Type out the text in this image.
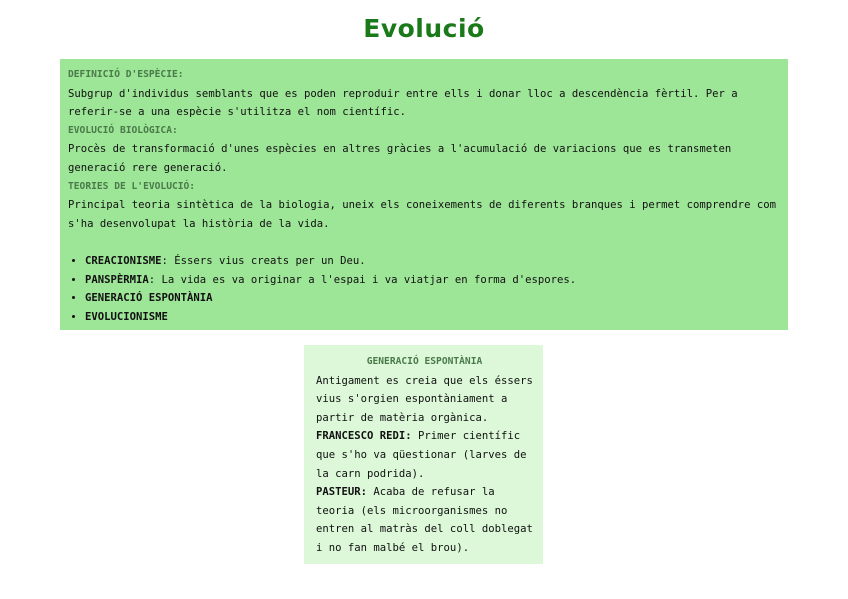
Evolució
DEFINICIÓ D'ESPÈCIE:
Subgrup d'individus semblants que es poden reproduir entre ells i donar lloc a descendència fèrtil. Per a referir-se a una espècie s'utilitza el nom científic.
EVOLUCIÓ BIOLÒGICA:
Procès de transformació d'unes espècies en altres gràcies a l'acumulació de variacions que es transmeten generació rere generació.
TEORIES DE L'EVOLUCIÓ:
Principal teoria sintètica de la biologia, uneix els coneixements de diferents branques i permet comprendre com s'ha desenvolupat la història de la vida.
• CREACIONISME: Éssers vius creats per un Deu.
• PANSPÈRMIA: La vida es va originar a l'espai i va viatjar en forma d'espores.
• GENERACIÓ ESPONTÀNIA
• EVOLUCIONISME
GENERACIÓ ESPONTÀNIA
Antigament es creia que els éssers vius s'orgien espontàniament a partir de matèria orgànica.
FRANCESCO REDI: Primer científic que s'ho va qüestionar (larves de la carn podrida).
PASTEUR: Acaba de refusar la teoria (els microorganismes no entren al matràs del coll doblegat i no fan malbé el brou).
